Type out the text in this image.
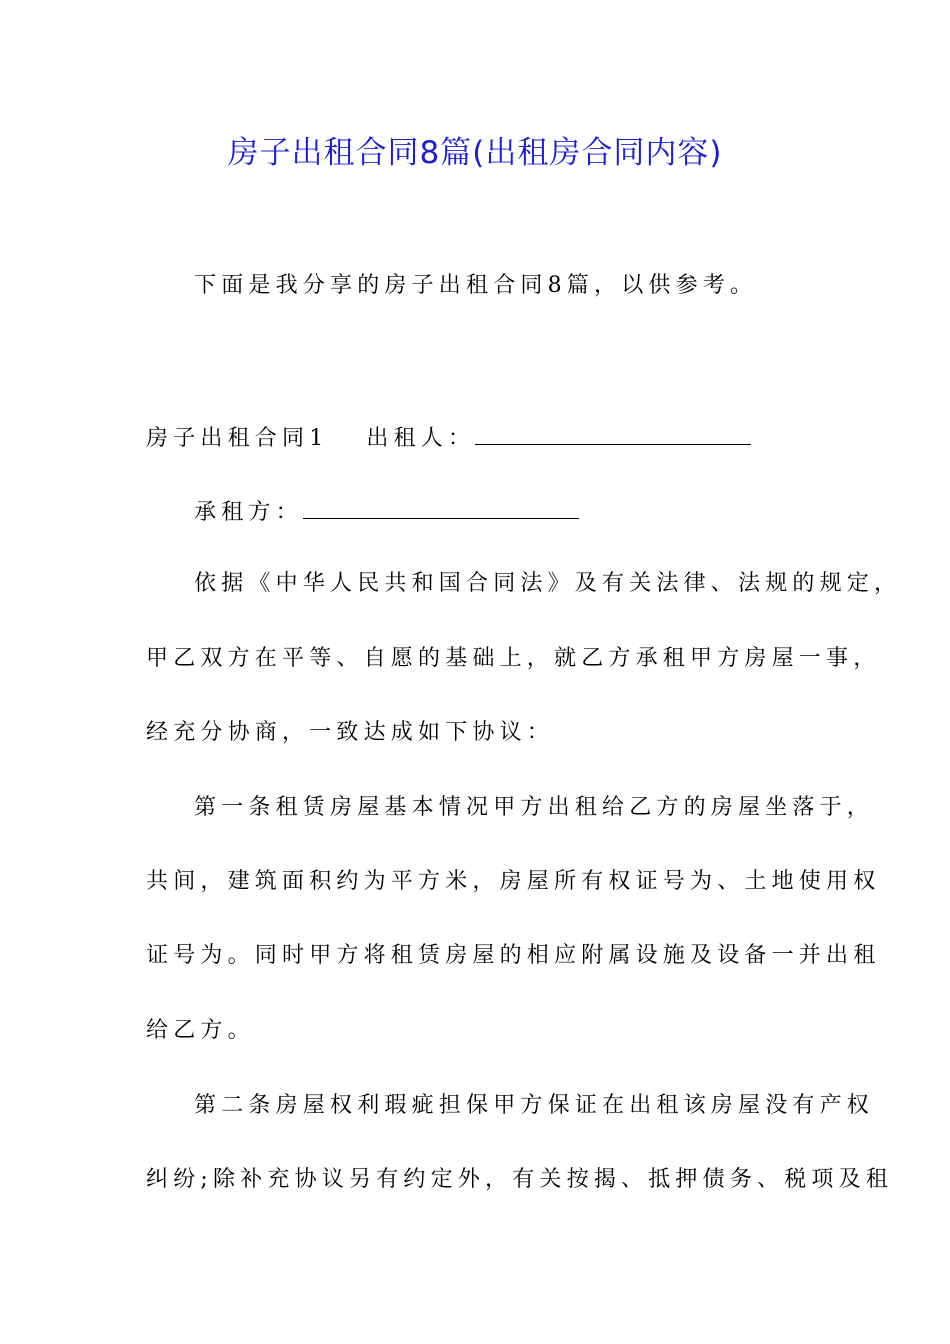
房子出租合同8篇(出租房合同内容)
下面是我分享的房子出租合同8篇，以供参考。
房子出租合同1 出租人：
承租方：
依据《中华人民共和国合同法》及有关法律、法规的规定，
甲乙双方在平等、自愿的基础上，就乙方承租甲方房屋一事，
经充分协商，一致达成如下协议：
第一条租赁房屋基本情况甲方出租给乙方的房屋坐落于，
共间，建筑面积约为平方米，房屋所有权证号为、土地使用权
证号为。同时甲方将租赁房屋的相应附属设施及设备一并出租
给乙方。
第二条房屋权利瑕疵担保甲方保证在出租该房屋没有产权
纠纷;除补充协议另有约定外，有关按揭、抵押债务、税项及租
